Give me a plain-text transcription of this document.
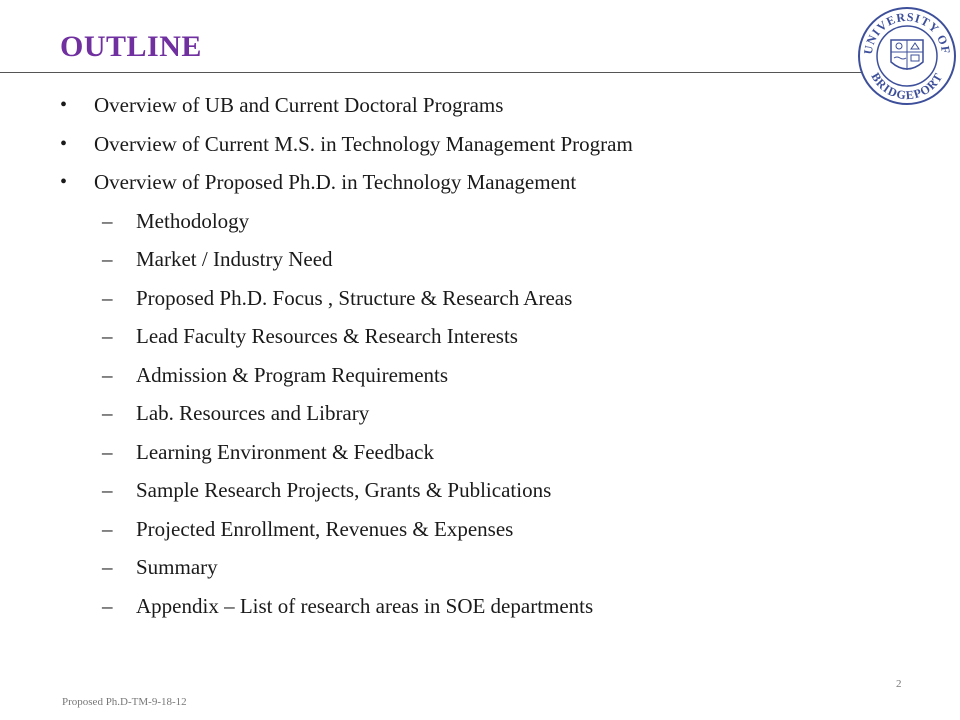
OUTLINE	UNIVERSITY OF
BRIDGEPORT
• Overview of UB and Current Doctoral Programs
• Overview of Current M.S. in Technology Management Program
• Overview of Proposed Ph.D. in Technology Management
– Methodology
– Market / Industry Need
– Proposed Ph.D. Focus , Structure & Research Areas
– Lead Faculty Resources & Research Interests
– Admission & Program Requirements
– Lab. Resources and Library
– Learning Environment & Feedback
– Sample Research Projects, Grants & Publications
– Projected Enrollment, Revenues & Expenses
– Summary
– Appendix – List of research areas in SOE departments
Proposed Ph.D-TM-9-18-12
2
